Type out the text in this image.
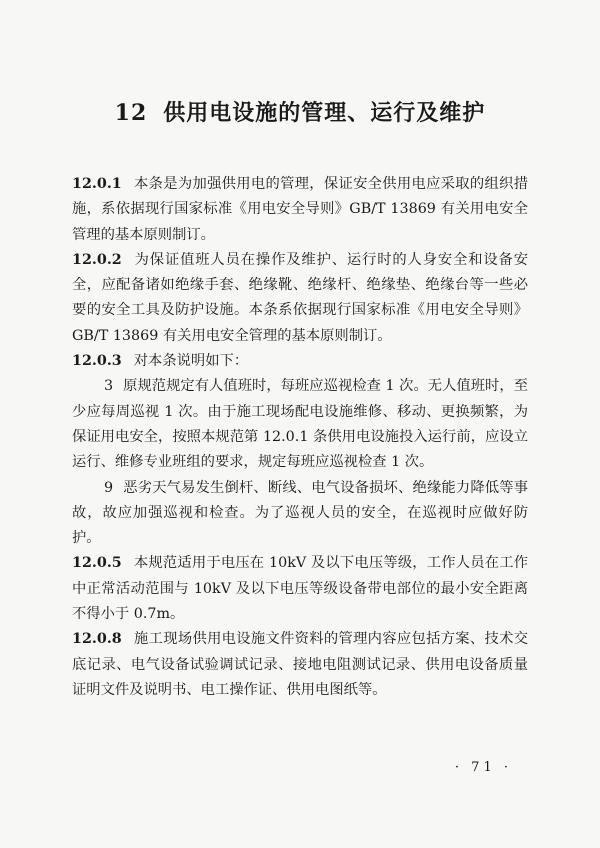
12 供用电设施的管理、运行及维护

12.0.1 本条是为加强供用电的管理，保证安全供用电应采取的组织措施，系依据现行国家标准《用电安全导则》GB/T 13869 有关用电安全管理的基本原则制订。

12.0.2 为保证值班人员在操作及维护、运行时的人身安全和设备安全，应配备诸如绝缘手套、绝缘靴、绝缘杆、绝缘垫、绝缘台等一些必要的安全工具及防护设施。本条系依据现行国家标准《用电安全导则》GB/T 13869 有关用电安全管理的基本原则制订。

12.0.3 对本条说明如下：

3 原规范规定有人值班时，每班应巡视检查 1 次。无人值班时，至少应每周巡视 1 次。由于施工现场配电设施维修、移动、更换频繁，为保证用电安全，按照本规范第 12.0.1 条供用电设施投入运行前，应设立运行、维修专业班组的要求，规定每班应巡视检查 1 次。

9 恶劣天气易发生倒杆、断线、电气设备损坏、绝缘能力降低等事故，故应加强巡视和检查。为了巡视人员的安全，在巡视时应做好防护。

12.0.5 本规范适用于电压在 10kV 及以下电压等级，工作人员在工作中正常活动范围与 10kV 及以下电压等级设备带电部位的最小安全距离不得小于 0.7m。

12.0.8 施工现场供用电设施文件资料的管理内容应包括方案、技术交底记录、电气设备试验调试记录、接地电阻测试记录、供用电设备质量证明文件及说明书、电工操作证、供用电图纸等。

· 71 ·
